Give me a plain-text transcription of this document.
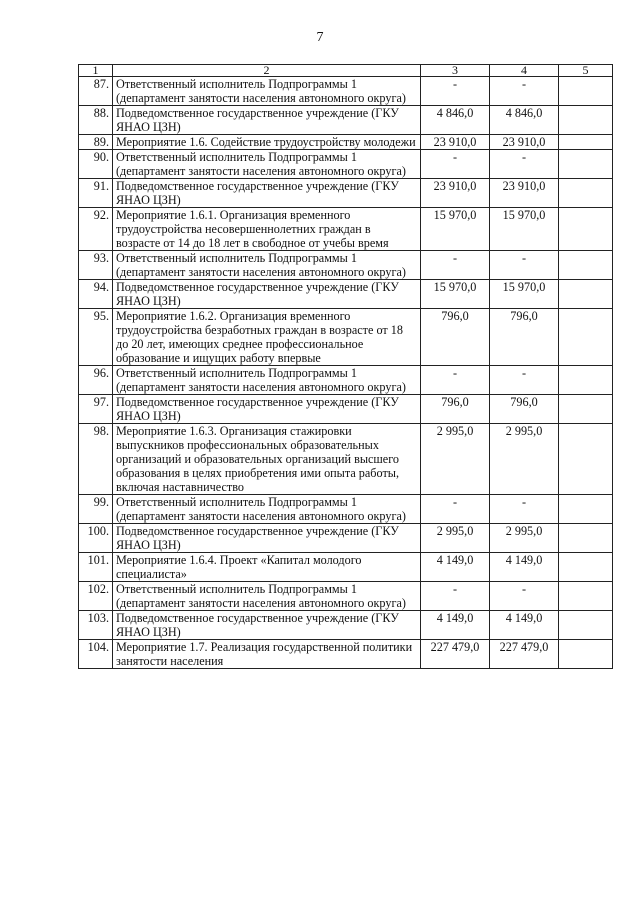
7
1	2	3	4	5
87.	Ответственный исполнитель Подпрограммы 1 (департамент занятости населения автономного округа)	-	-	
88.	Подведомственное государственное учреждение (ГКУ ЯНАО ЦЗН)	4 846,0	4 846,0	
89.	Мероприятие 1.6. Содействие трудоустройству молодежи	23 910,0	23 910,0	
90.	Ответственный исполнитель Подпрограммы 1 (департамент занятости населения автономного округа)	-	-	
91.	Подведомственное государственное учреждение (ГКУ ЯНАО ЦЗН)	23 910,0	23 910,0	
92.	Мероприятие 1.6.1. Организация временного трудоустройства несовершеннолетних граждан в возрасте от 14 до 18 лет в свободное от учебы время	15 970,0	15 970,0	
93.	Ответственный исполнитель Подпрограммы 1 (департамент занятости населения автономного округа)	-	-	
94.	Подведомственное государственное учреждение (ГКУ ЯНАО ЦЗН)	15 970,0	15 970,0	
95.	Мероприятие 1.6.2. Организация временного трудоустройства безработных граждан в возрасте от 18 до 20 лет, имеющих среднее профессиональное образование и ищущих работу впервые	796,0	796,0	
96.	Ответственный исполнитель Подпрограммы 1 (департамент занятости населения автономного округа)	-	-	
97.	Подведомственное государственное учреждение (ГКУ ЯНАО ЦЗН)	796,0	796,0	
98.	Мероприятие 1.6.3. Организация стажировки выпускников профессиональных образовательных организаций и образовательных организаций высшего образования в целях приобретения ими опыта работы, включая наставничество	2 995,0	2 995,0	
99.	Ответственный исполнитель Подпрограммы 1 (департамент занятости населения автономного округа)	-	-	
100.	Подведомственное государственное учреждение (ГКУ ЯНАО ЦЗН)	2 995,0	2 995,0	
101.	Мероприятие 1.6.4. Проект «Капитал молодого специалиста»	4 149,0	4 149,0	
102.	Ответственный исполнитель Подпрограммы 1 (департамент занятости населения автономного округа)	-	-	
103.	Подведомственное государственное учреждение (ГКУ ЯНАО ЦЗН)	4 149,0	4 149,0	
104.	Мероприятие 1.7. Реализация государственной политики занятости населения	227 479,0	227 479,0	
